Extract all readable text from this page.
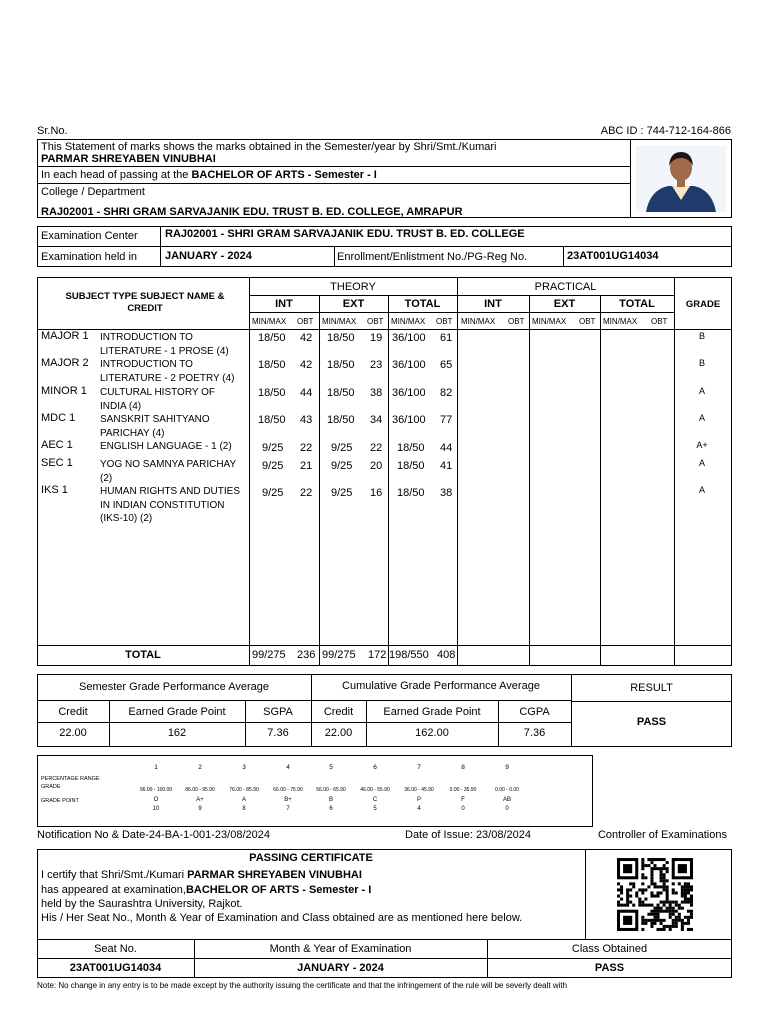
Sr.No.	ABC ID : 744-712-164-866
This Statement of marks shows the marks obtained in the Semester/year by Shri/Smt./Kumari
PARMAR SHREYABEN VINUBHAI
In each head of passing at the BACHELOR OF ARTS - Semester - I
College / Department
RAJ02001 - SHRI GRAM SARVAJANIK EDU. TRUST B. ED. COLLEGE, AMRAPUR
Examination Center RAJ02001 - SHRI GRAM SARVAJANIK EDU. TRUST B. ED. COLLEGE
Examination held in	JANUARY - 2024	Enrollment/Enlistment No./PG-Reg No.	23AT001UG14034
SUBJECT TYPE SUBJECT NAME & CREDIT
THEORY	PRACTICAL
GRADE
INT	EXT	TOTAL	INT	EXT	TOTAL
MIN/MAX OBT MIN/MAX OBT MIN/MAX OBT MIN/MAX OBT MIN/MAX OBT MIN/MAX OBT
MAJOR 1 INTRODUCTION TO
LITERATURE - 1 PROSE (4)
18/50 42 18/50 19 36/100 61	B
MAJOR 2 INTRODUCTION TO
LITERATURE - 2 POETRY (4)
18/50 42 18/50 23 36/100 65	B
MINOR 1 CULTURAL HISTORY OF
INDIA (4)
18/50 44 18/50 38 36/100 82	A
MDC 1 SANSKRIT SAHITYANO
PARICHAY (4)
18/50 43 18/50 34 36/100 77	A
AEC 1	ENGLISH LANGUAGE - 1 (2)	9/25 22 9/25 22 18/50 44	A+
SEC 1	YOG NO SAMNYA PARICHAY
(2)
9/25 21 9/25 20 18/50 41	A
IKS 1	HUMAN RIGHTS AND DUTIES
IN INDIAN CONSTITUTION
(IKS-10) (2)
9/25 22 9/25 16 18/50 38	A
TOTAL	99/275 236 99/275 172 198/550 408
Semester Grade Performance Average	Cumulative Grade Performance Average	RESULT
Credit	Earned Grade Point	SGPA	Credit	Earned Grade Point	CGPA
22.00	162	7.36	22.00	162.00	7.36
PASS
PERCENTAGE RANGE
GRADE
GRADE POINT
1
96.00 - 100.00
O
10
2
86.00 - 95.90
A+
9
3
76.00 - 85.90
A
8
4
66.00 - 75.90
B+
7
5
56.00 - 65.90
B
6
6
46.00 - 55.90
C
5
7
36.00 - 45.90
P
4
8
0.00 - 35.90
F
0
9
0.00 - 0.00
AB
0
Notification No & Date-24-BA-1-001-23/08/2024	Date of Issue: 23/08/2024	Controller of Examinations
PASSING CERTIFICATE
I certify that Shri/Smt./Kumari PARMAR SHREYABEN VINUBHAI
has appeared at examination,BACHELOR OF ARTS - Semester - I
held by the Saurashtra University, Rajkot.
His / Her Seat No., Month & Year of Examination and Class obtained are as mentioned here below.
Seat No.	Month & Year of Examination	Class Obtained
23AT001UG14034	JANUARY - 2024	PASS
Note: No change in any entry is to be made except by the authority issuing the certificate and that the infringement of the rule will be severly dealt with
